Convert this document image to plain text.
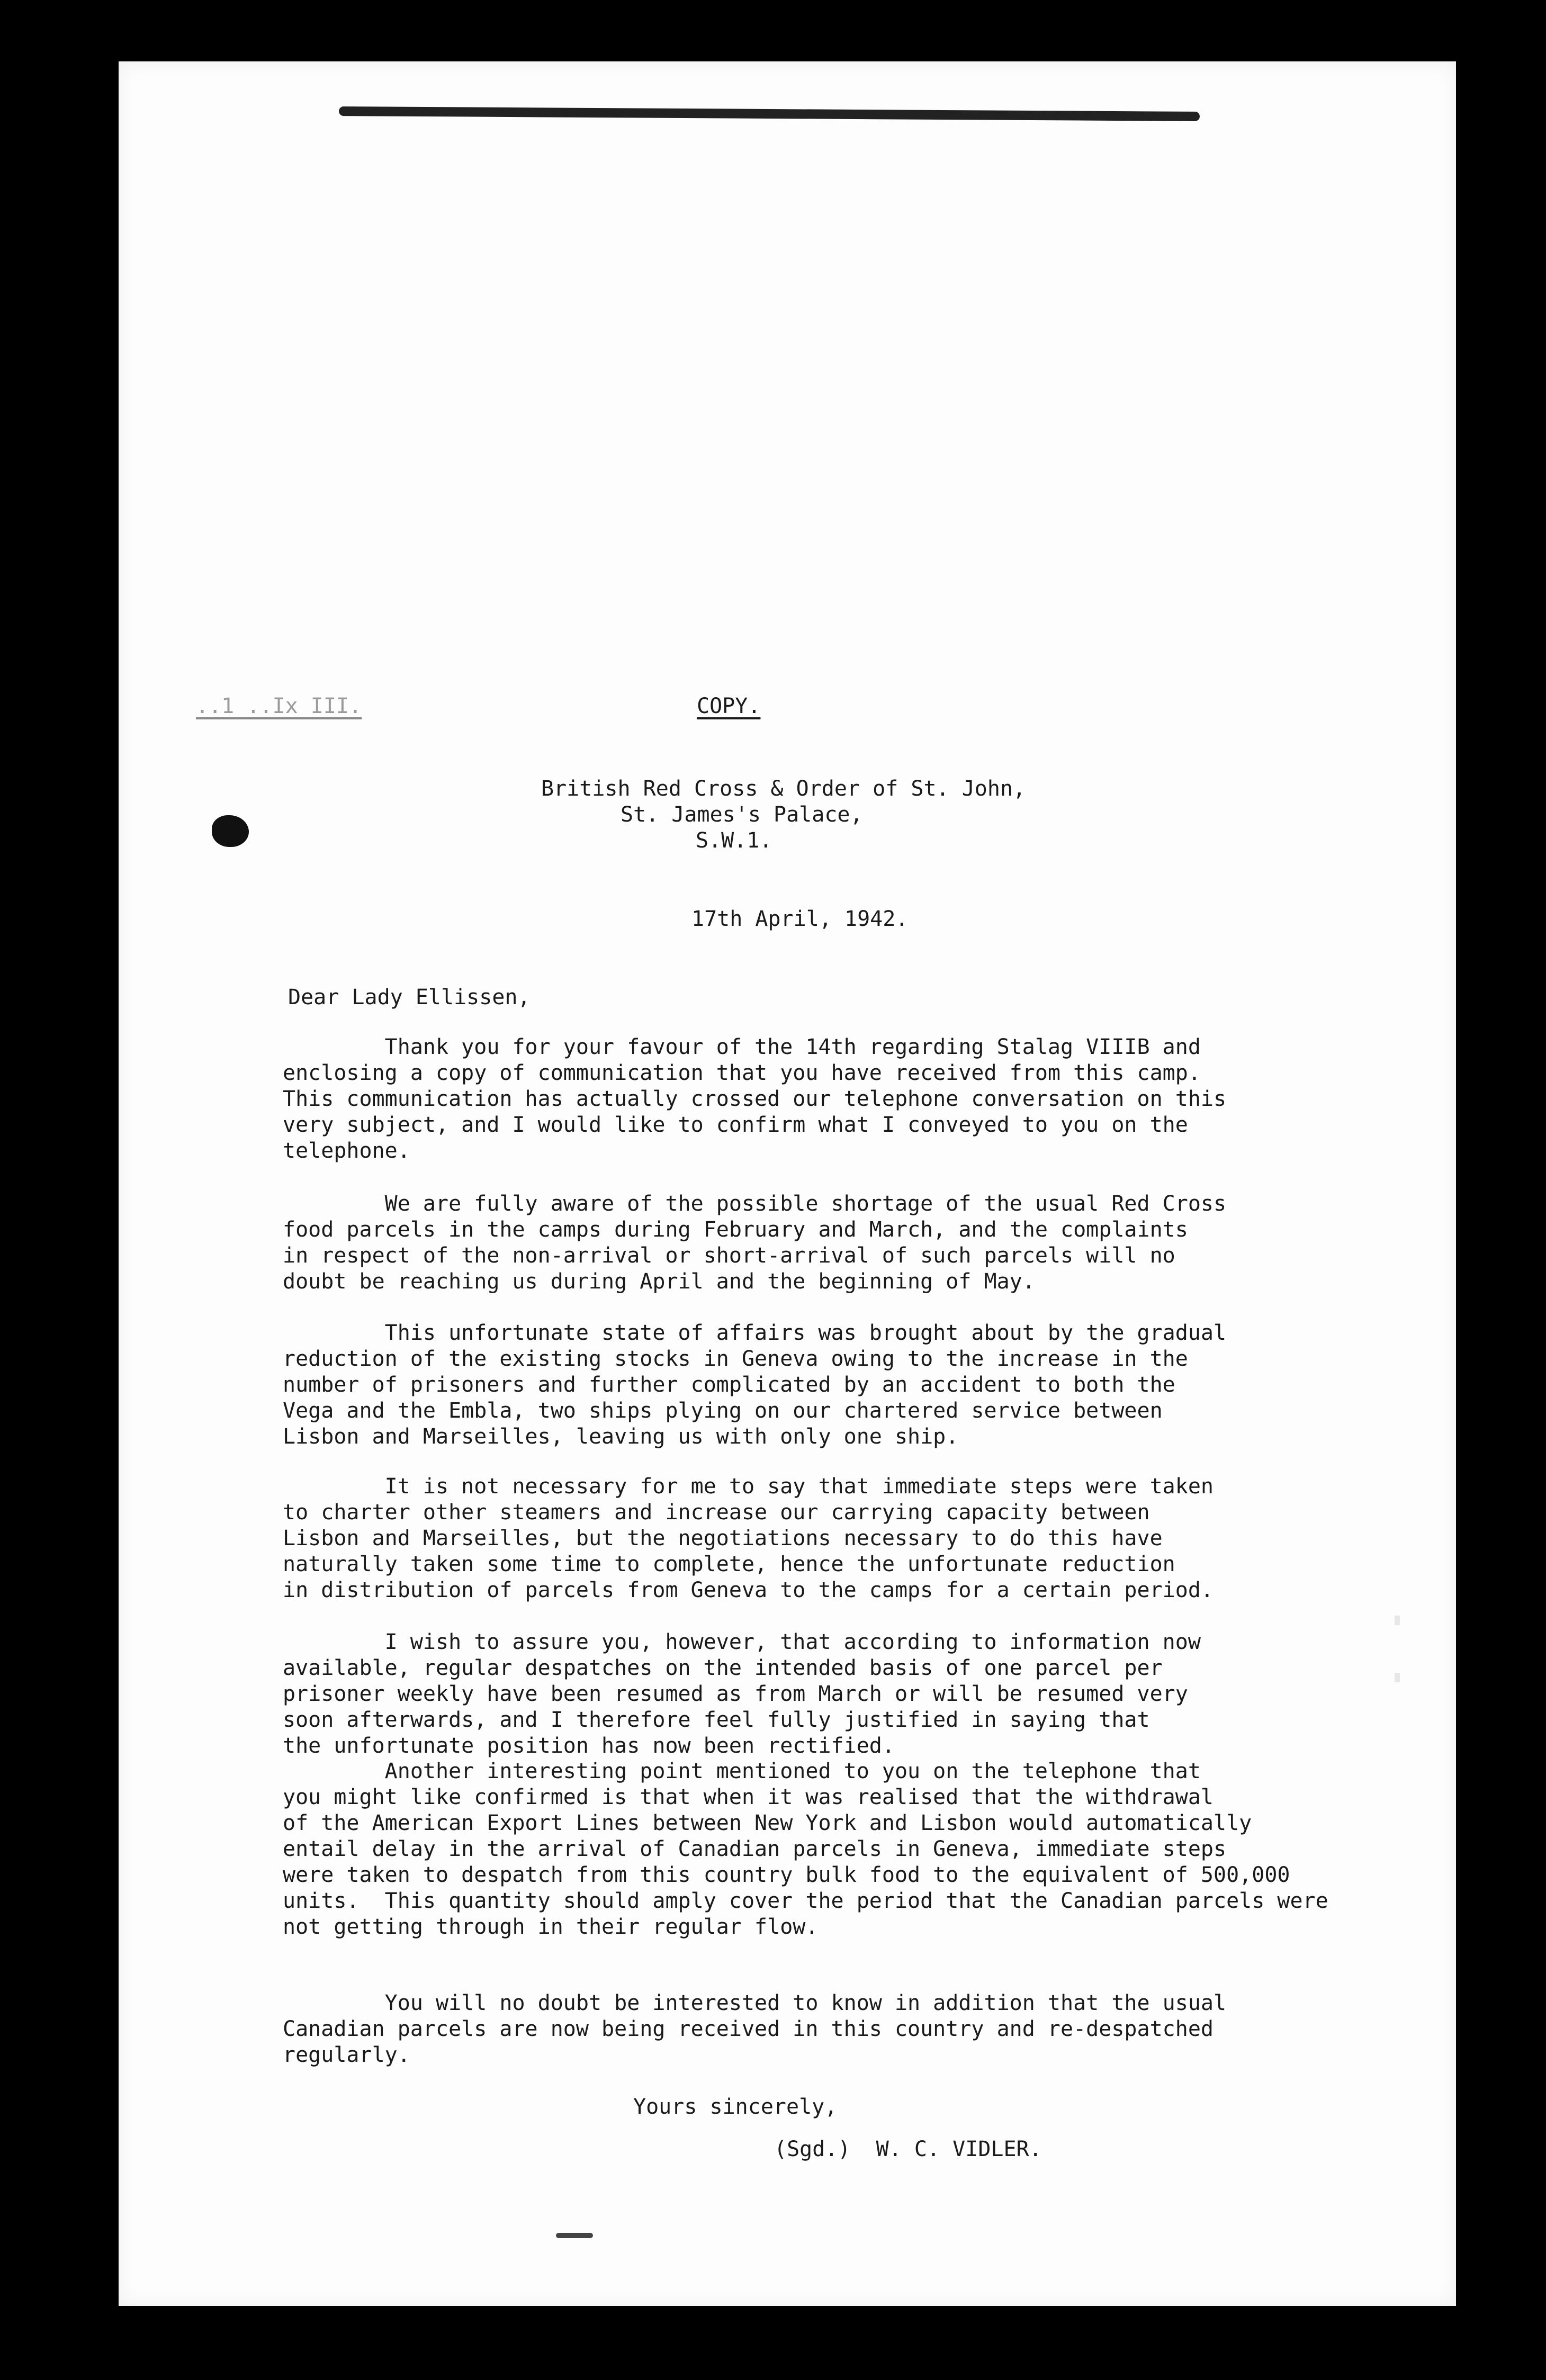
..1 ..Ix III.	COPY.
British Red Cross & Order of St. John,
St. James's Palace,
S.W.1.
17th April, 1942.
Dear Lady Ellissen,
Thank you for your favour of the 14th regarding Stalag VIIIB and
enclosing a copy of communication that you have received from this camp.
This communication has actually crossed our telephone conversation on this
very subject, and I would like to confirm what I conveyed to you on the
telephone.
We are fully aware of the possible shortage of the usual Red Cross
food parcels in the camps during February and March, and the complaints
in respect of the non-arrival or short-arrival of such parcels will no
doubt be reaching us during April and the beginning of May.
This unfortunate state of affairs was brought about by the gradual
reduction of the existing stocks in Geneva owing to the increase in the
number of prisoners and further complicated by an accident to both the
Vega and the Embla, two ships plying on our chartered service between
Lisbon and Marseilles, leaving us with only one ship.
It is not necessary for me to say that immediate steps were taken
to charter other steamers and increase our carrying capacity between
Lisbon and Marseilles, but the negotiations necessary to do this have
naturally taken some time to complete, hence the unfortunate reduction
in distribution of parcels from Geneva to the camps for a certain period.
I wish to assure you, however, that according to information now
available, regular despatches on the intended basis of one parcel per
prisoner weekly have been resumed as from March or will be resumed very
soon afterwards, and I therefore feel fully justified in saying that
the unfortunate position has now been rectified.
Another interesting point mentioned to you on the telephone that
you might like confirmed is that when it was realised that the withdrawal
of the American Export Lines between New York and Lisbon would automatically
entail delay in the arrival of Canadian parcels in Geneva, immediate steps
were taken to despatch from this country bulk food to the equivalent of 500,000
units.  This quantity should amply cover the period that the Canadian parcels were
not getting through in their regular flow.
You will no doubt be interested to know in addition that the usual
Canadian parcels are now being received in this country and re-despatched
regularly.
Yours sincerely,
(Sgd.)  W. C. VIDLER.
